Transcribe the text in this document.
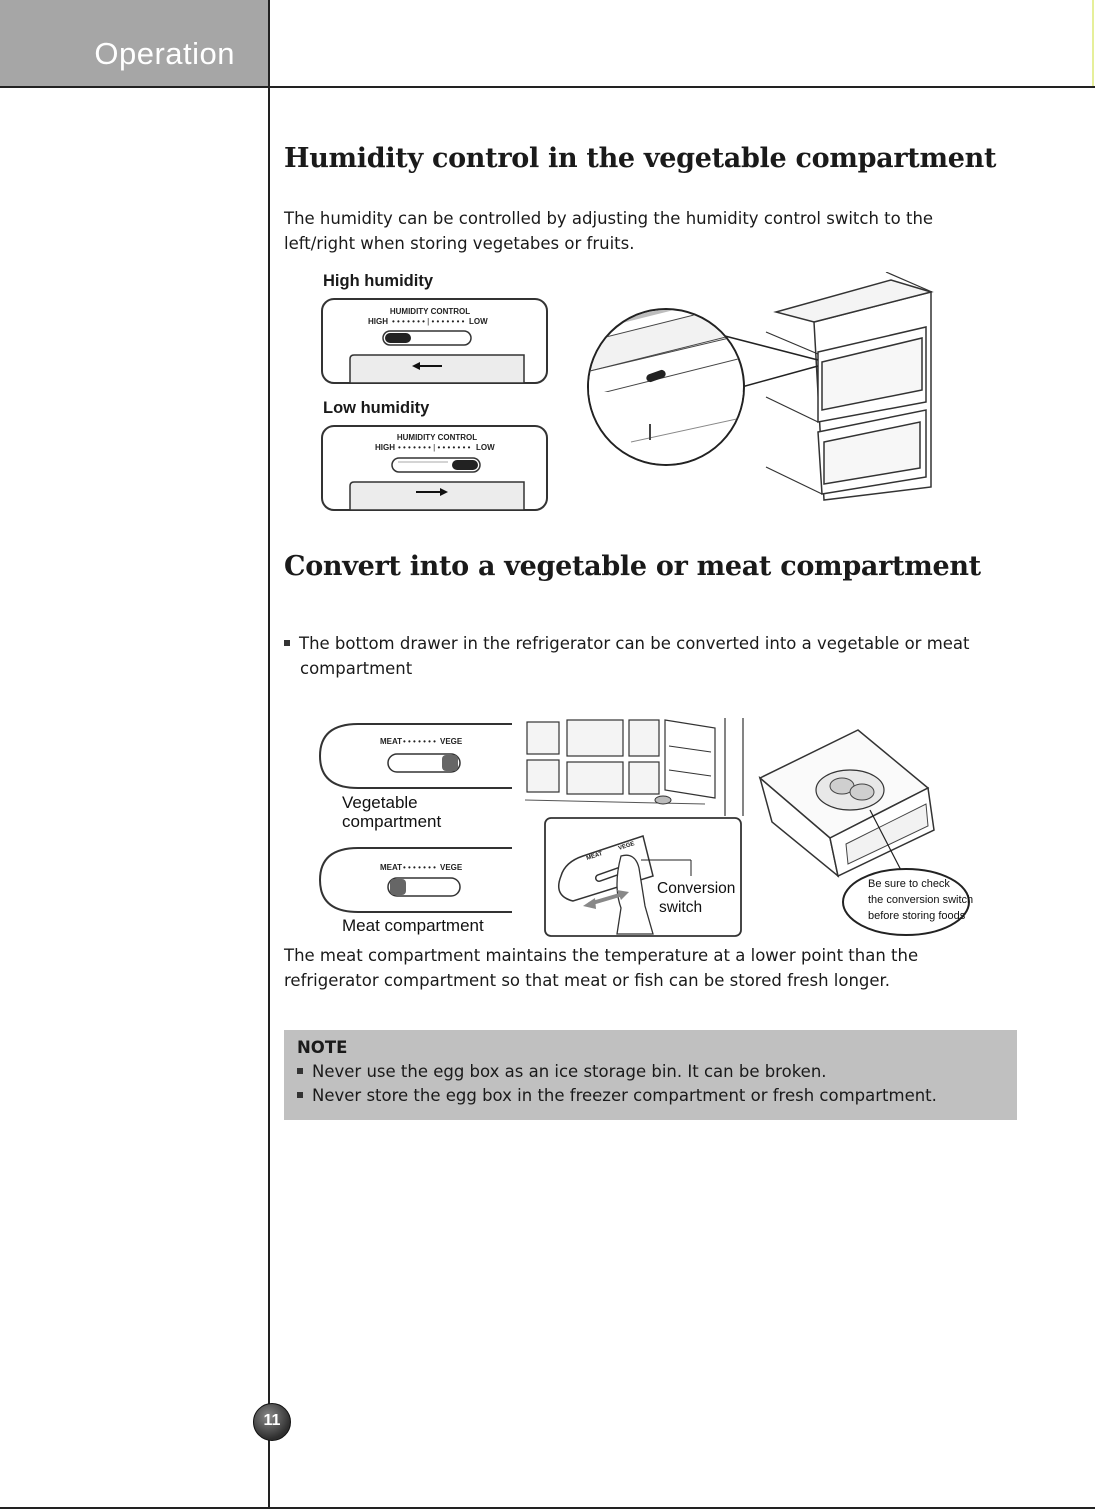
Operation
Humidity control in the vegetable compartment

The humidity can be controlled by adjusting the humidity control switch to the
left/right when storing vegetabes or fruits.

High humidity
Low humidity
HUMIDITY CONTROL
HIGH • • • • • • • | • • • • • • • LOW
HUMIDITY CONTROL
HIGH • • • • • • • | • • • • • • • LOW
Convert into a vegetable or meat compartment

The bottom drawer in the refrigerator can be converted into a vegetable or meat
compartment

MEAT • • • • • • • VEGE
Vegetable
compartment
MEAT • • • • • • • VEGE
Meat compartment
MEAT
VEGE
Conversion
switch
Be sure to check
the conversion switch
before storing foods

The meat compartment maintains the temperature at a lower point than the
refrigerator compartment so that meat or fish can be stored fresh longer.

NOTE
Never use the egg box as an ice storage bin. It can be broken.
Never store the egg box in the freezer compartment or fresh compartment.
11
